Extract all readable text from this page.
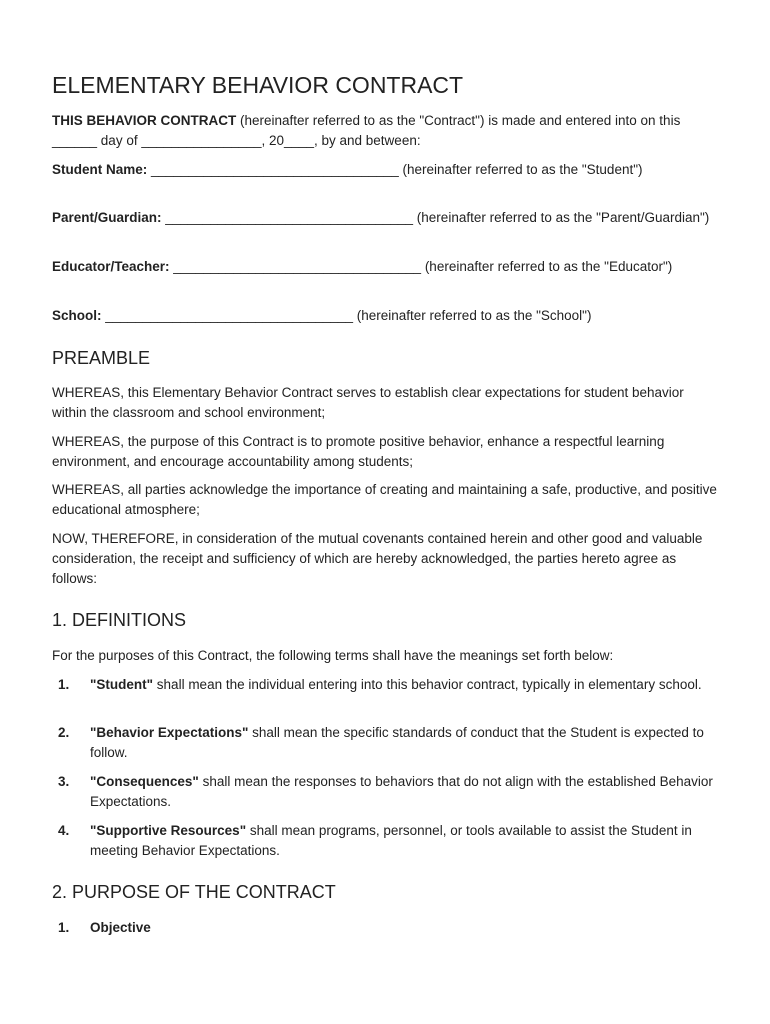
ELEMENTARY BEHAVIOR CONTRACT

THIS BEHAVIOR CONTRACT (hereinafter referred to as the "Contract") is made and entered into on this ______ day of ________________, 20____, by and between:

Student Name: _________________________________ (hereinafter referred to as the "Student")

Parent/Guardian: _________________________________ (hereinafter referred to as the "Parent/Guardian")

Educator/Teacher: _________________________________ (hereinafter referred to as the "Educator")

School: _________________________________ (hereinafter referred to as the "School")

PREAMBLE

WHEREAS, this Elementary Behavior Contract serves to establish clear expectations for student behavior within the classroom and school environment;

WHEREAS, the purpose of this Contract is to promote positive behavior, enhance a respectful learning environment, and encourage accountability among students;

WHEREAS, all parties acknowledge the importance of creating and maintaining a safe, productive, and positive educational atmosphere;

NOW, THEREFORE, in consideration of the mutual covenants contained herein and other good and valuable consideration, the receipt and sufficiency of which are hereby acknowledged, the parties hereto agree as follows:

1. DEFINITIONS

For the purposes of this Contract, the following terms shall have the meanings set forth below:

1. "Student" shall mean the individual entering into this behavior contract, typically in elementary school.
2. "Behavior Expectations" shall mean the specific standards of conduct that the Student is expected to follow.
3. "Consequences" shall mean the responses to behaviors that do not align with the established Behavior Expectations.
4. "Supportive Resources" shall mean programs, personnel, or tools available to assist the Student in meeting Behavior Expectations.
2. PURPOSE OF THE CONTRACT
1. Objective
